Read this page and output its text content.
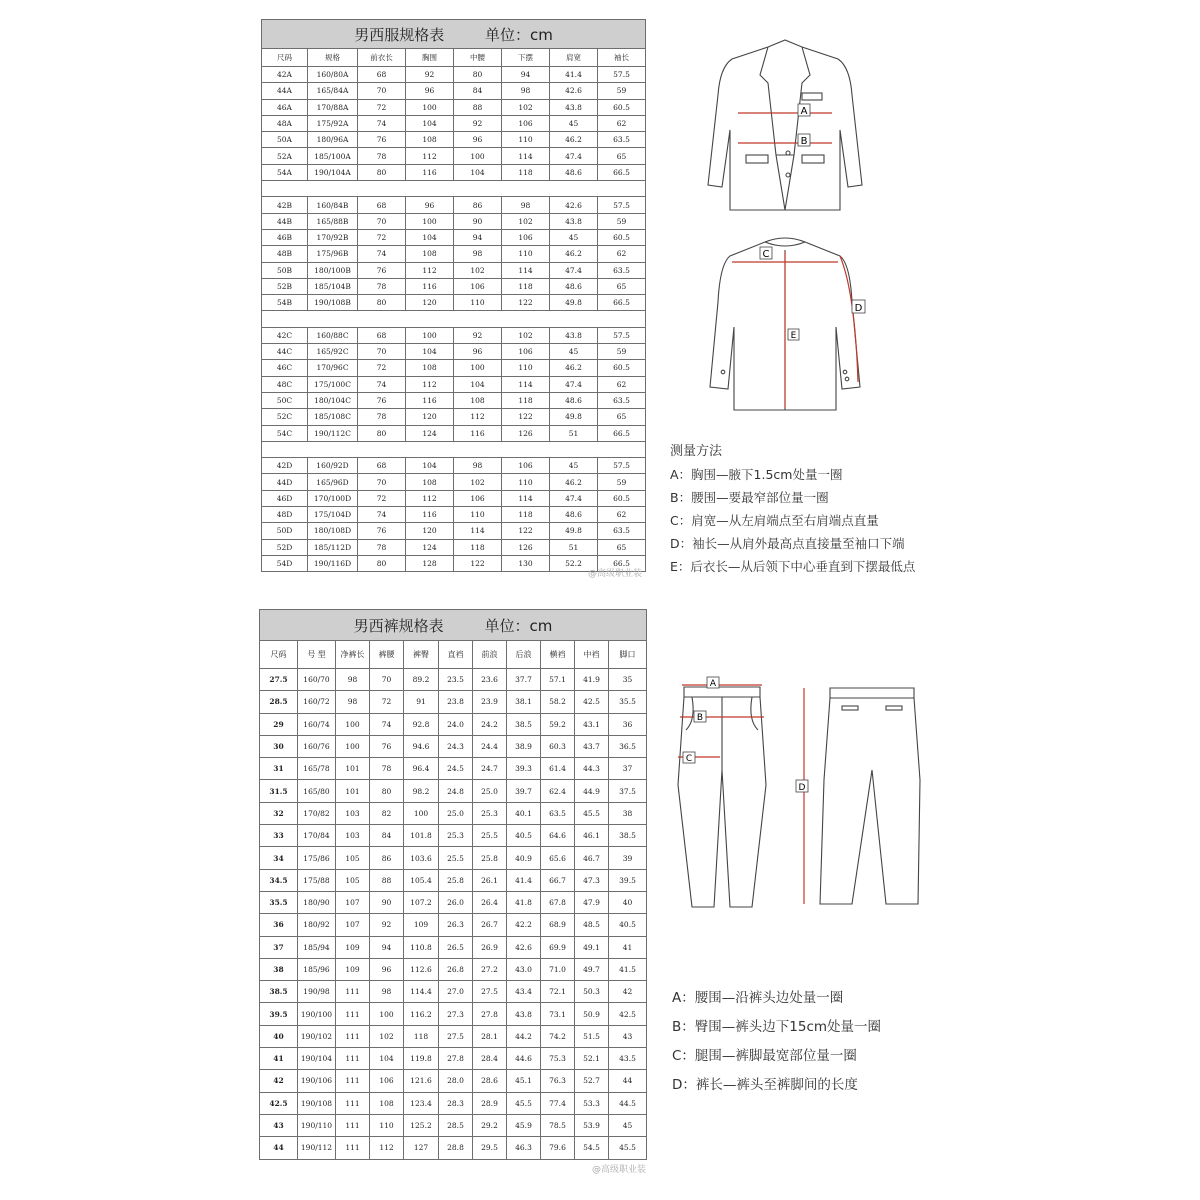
男西服规格表 单位：cm							
尺码	规格	前衣长	胸围	中腰	下摆	肩宽	袖长
42A	160/80A	68	92	80	94	41.4	57.5
44A	165/84A	70	96	84	98	42.6	59
46A	170/88A	72	100	88	102	43.8	60.5
48A	175/92A	74	104	92	106	45	62
50A	180/96A	76	108	96	110	46.2	63.5
52A	185/100A	78	112	100	114	47.4	65
54A	190/104A	80	116	104	118	48.6	66.5

42B	160/84B	68	96	86	98	42.6	57.5
44B	165/88B	70	100	90	102	43.8	59
46B	170/92B	72	104	94	106	45	60.5
48B	175/96B	74	108	98	110	46.2	62
50B	180/100B	76	112	102	114	47.4	63.5
52B	185/104B	78	116	106	118	48.6	65
54B	190/108B	80	120	110	122	49.8	66.5

42C	160/88C	68	100	92	102	43.8	57.5
44C	165/92C	70	104	96	106	45	59
46C	170/96C	72	108	100	110	46.2	60.5
48C	175/100C	74	112	104	114	47.4	62
50C	180/104C	76	116	108	118	48.6	63.5
52C	185/108C	78	120	112	122	49.8	65
54C	190/112C	80	124	116	126	51	66.5

42D	160/92D	68	104	98	106	45	57.5
44D	165/96D	70	108	102	110	46.2	59
46D	170/100D	72	112	106	114	47.4	60.5
48D	175/104D	74	116	110	118	48.6	62
50D	180/108D	76	120	114	122	49.8	63.5
52D	185/112D	78	124	118	126	51	65
54D	190/116D	80	128	122	130	52.2	66.5
男西裤规格表 单位：cm										
尺码	号 型	净裤长	裤腰	裤臀	直裆	前浪	后浪	横裆	中裆	脚口
27.5	160/70	98	70	89.2	23.5	23.6	37.7	57.1	41.9	35
28.5	160/72	98	72	91	23.8	23.9	38.1	58.2	42.5	35.5
29	160/74	100	74	92.8	24.0	24.2	38.5	59.2	43.1	36
30	160/76	100	76	94.6	24.3	24.4	38.9	60.3	43.7	36.5
31	165/78	101	78	96.4	24.5	24.7	39.3	61.4	44.3	37
31.5	165/80	101	80	98.2	24.8	25.0	39.7	62.4	44.9	37.5
32	170/82	103	82	100	25.0	25.3	40.1	63.5	45.5	38
33	170/84	103	84	101.8	25.3	25.5	40.5	64.6	46.1	38.5
34	175/86	105	86	103.6	25.5	25.8	40.9	65.6	46.7	39
34.5	175/88	105	88	105.4	25.8	26.1	41.4	66.7	47.3	39.5
35.5	180/90	107	90	107.2	26.0	26.4	41.8	67.8	47.9	40
36	180/92	107	92	109	26.3	26.7	42.2	68.9	48.5	40.5
37	185/94	109	94	110.8	26.5	26.9	42.6	69.9	49.1	41
38	185/96	109	96	112.6	26.8	27.2	43.0	71.0	49.7	41.5
38.5	190/98	111	98	114.4	27.0	27.5	43.4	72.1	50.3	42
39.5	190/100	111	100	116.2	27.3	27.8	43.8	73.1	50.9	42.5
40	190/102	111	102	118	27.5	28.1	44.2	74.2	51.5	43
41	190/104	111	104	119.8	27.8	28.4	44.6	75.3	52.1	43.5
42	190/106	111	106	121.6	28.0	28.6	45.1	76.3	52.7	44
42.5	190/108	111	108	123.4	28.3	28.9	45.5	77.4	53.3	44.5
43	190/110	111	110	125.2	28.5	29.2	45.9	78.5	53.9	45
44	190/112	111	112	127	28.8	29.5	46.3	79.6	54.5	45.5
A
B
C
D
E
测量方法
A：胸围—腋下1.5cm处量一圈
B：腰围—要最窄部位量一圈
C：肩宽—从左肩端点至右肩端点直量
D：袖长—从肩外最高点直接量至袖口下端
E：后衣长—从后领下中心垂直到下摆最低点
@高级职业装
A
B
C
D
A：腰围—沿裤头边处量一圈
B：臀围—裤头边下15cm处量一圈
C：腿围—裤脚最宽部位量一圈
D：裤长—裤头至裤脚间的长度
@高级职业装
